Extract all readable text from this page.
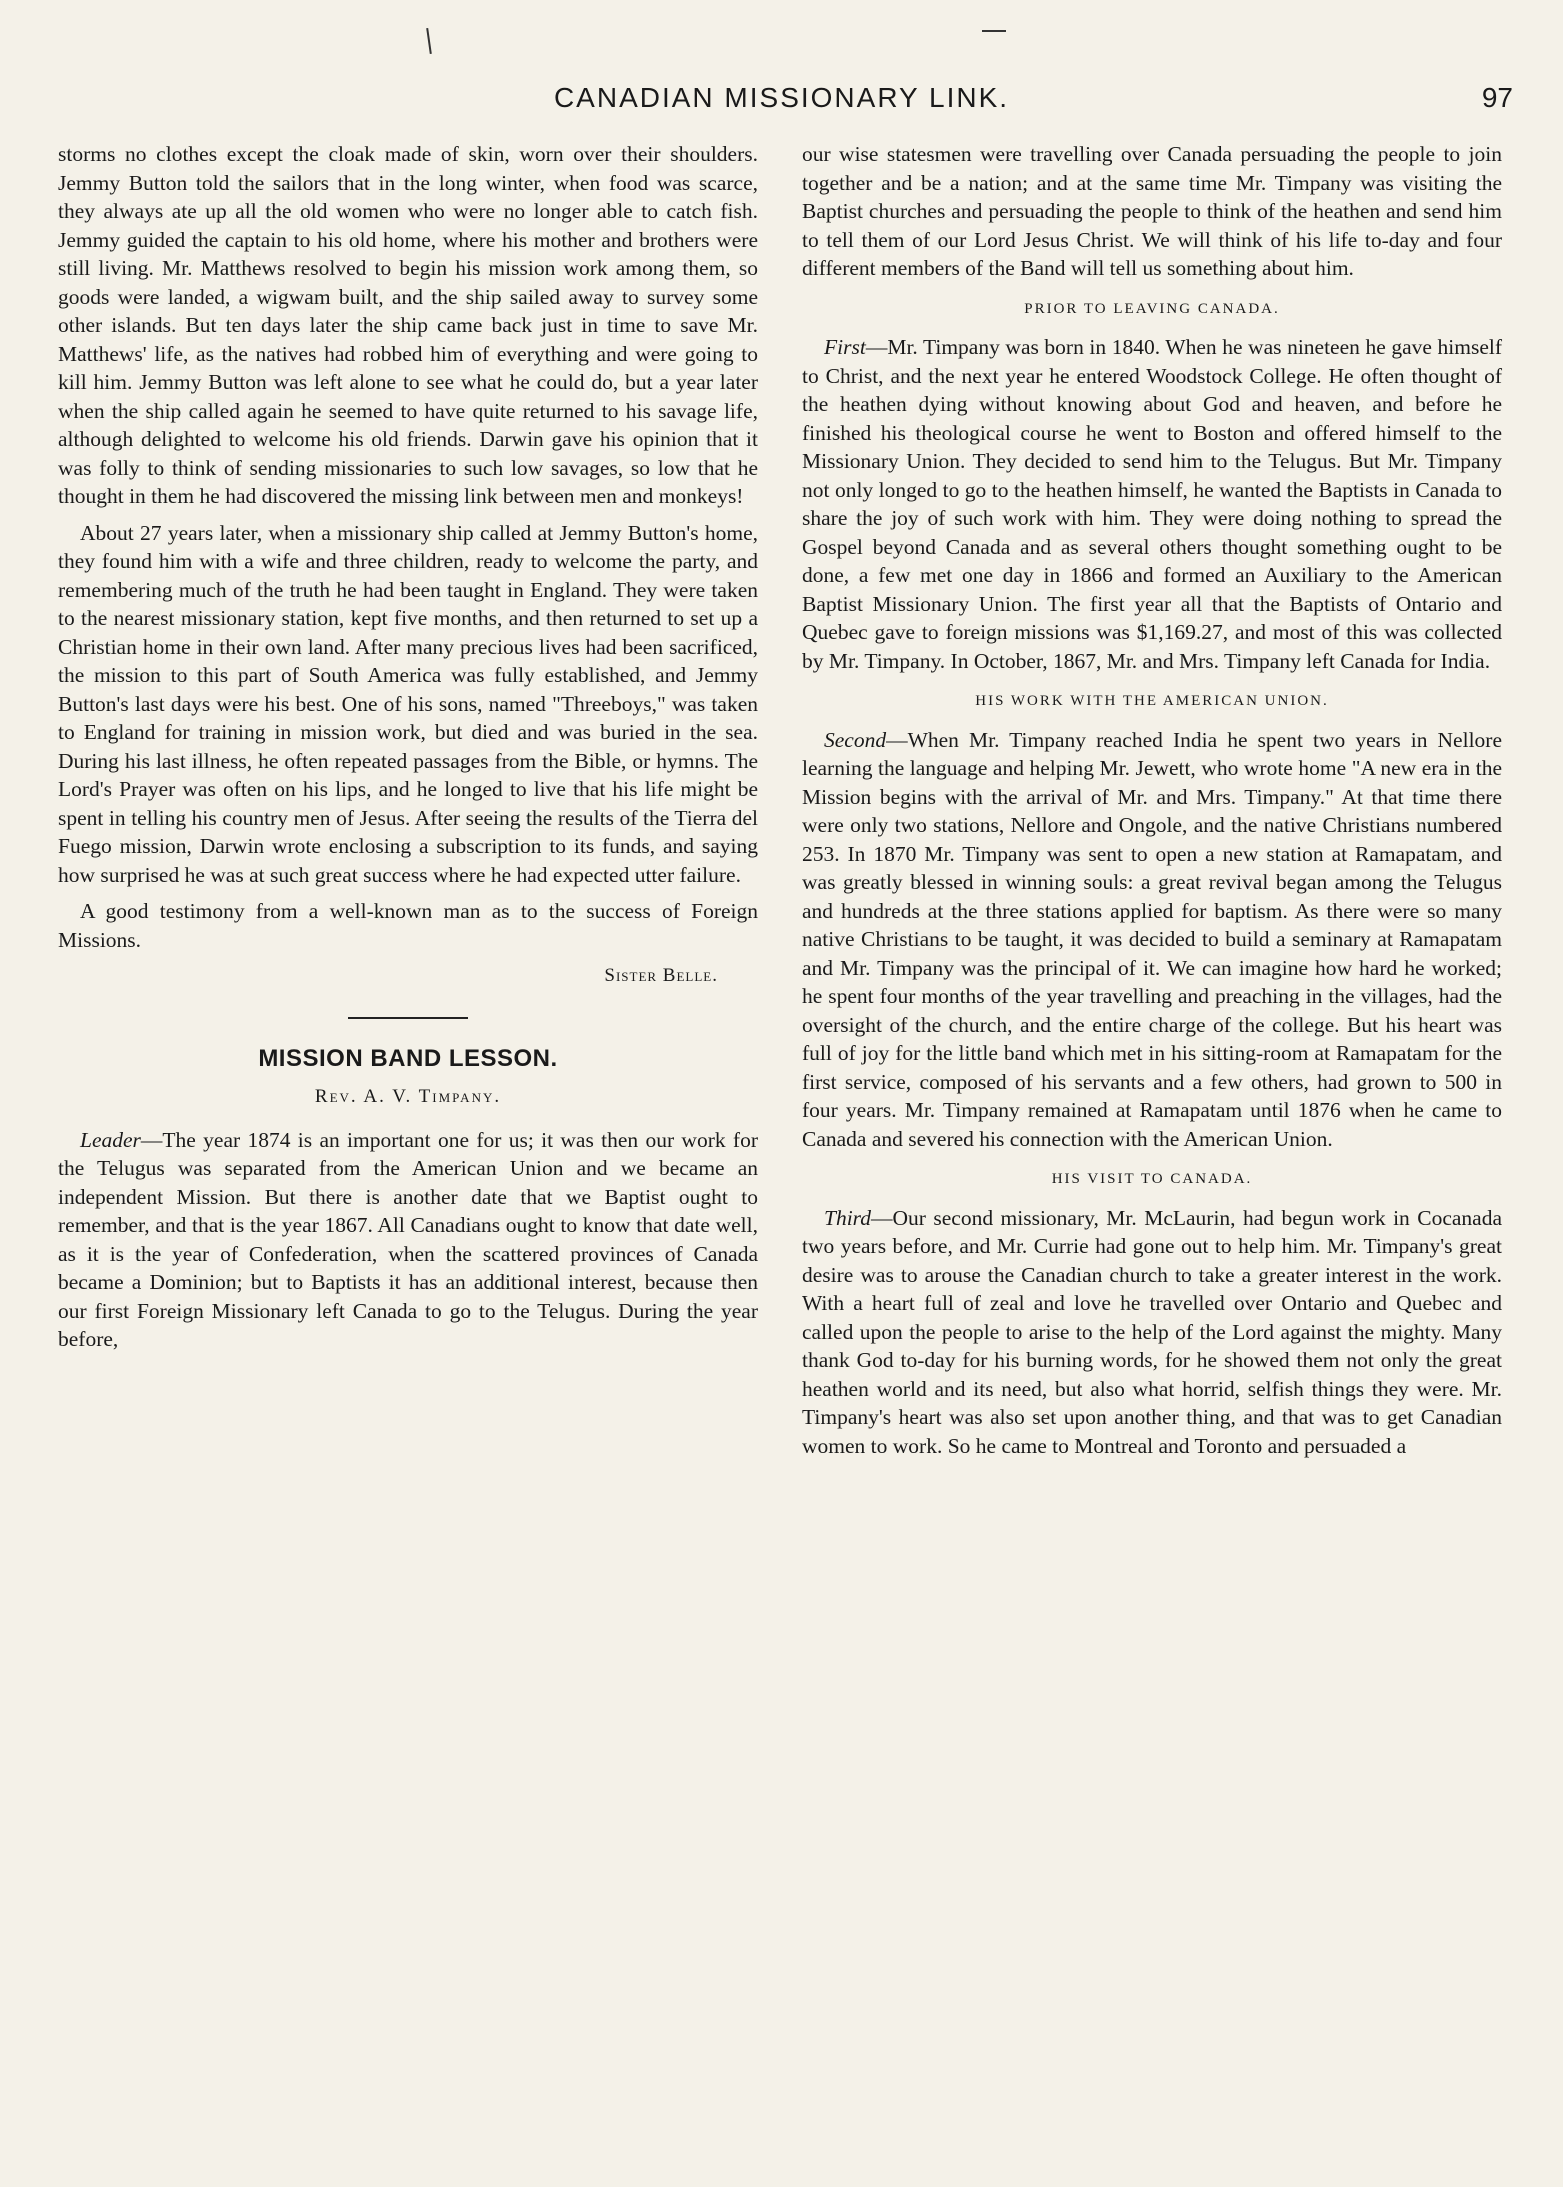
CANADIAN MISSIONARY LINK.	97

storms no clothes except the cloak made of skin, worn over their shoulders. Jemmy Button told the sailors that in the long winter, when food was scarce, they always ate up all the old women who were no longer able to catch fish. Jemmy guided the captain to his old home, where his mother and brothers were still living. Mr. Matthews resolved to begin his mission work among them, so goods were landed, a wigwam built, and the ship sailed away to survey some other islands. But ten days later the ship came back just in time to save Mr. Matthews' life, as the natives had robbed him of everything and were going to kill him. Jemmy Button was left alone to see what he could do, but a year later when the ship called again he seemed to have quite returned to his savage life, although delighted to welcome his old friends. Darwin gave his opinion that it was folly to think of sending missionaries to such low savages, so low that he thought in them he had discovered the missing link between men and monkeys!

About 27 years later, when a missionary ship called at Jemmy Button's home, they found him with a wife and three children, ready to welcome the party, and remembering much of the truth he had been taught in England. They were taken to the nearest missionary station, kept five months, and then returned to set up a Christian home in their own land. After many precious lives had been sacrificed, the mission to this part of South America was fully established, and Jemmy Button's last days were his best. One of his sons, named "Threeboys," was taken to England for training in mission work, but died and was buried in the sea. During his last illness, he often repeated passages from the Bible, or hymns. The Lord's Prayer was often on his lips, and he longed to live that his life might be spent in telling his country men of Jesus. After seeing the results of the Tierra del Fuego mission, Darwin wrote enclosing a subscription to its funds, and saying how surprised he was at such great success where he had expected utter failure.

A good testimony from a well-known man as to the success of Foreign Missions.

Sister Belle.
MISSION BAND LESSON.
Rev. A. V. Timpany.

Leader—The year 1874 is an important one for us; it was then our work for the Telugus was separated from the American Union and we became an independent Mission. But there is another date that we Baptist ought to remember, and that is the year 1867. All Canadians ought to know that date well, as it is the year of Confederation, when the scattered provinces of Canada became a Dominion; but to Baptists it has an additional interest, because then our first Foreign Missionary left Canada to go to the Telugus. During the year before,

our wise statesmen were travelling over Canada persuading the people to join together and be a nation; and at the same time Mr. Timpany was visiting the Baptist churches and persuading the people to think of the heathen and send him to tell them of our Lord Jesus Christ. We will think of his life to-day and four different members of the Band will tell us something about him.

PRIOR TO LEAVING CANADA.

First—Mr. Timpany was born in 1840. When he was nineteen he gave himself to Christ, and the next year he entered Woodstock College. He often thought of the heathen dying without knowing about God and heaven, and before he finished his theological course he went to Boston and offered himself to the Missionary Union. They decided to send him to the Telugus. But Mr. Timpany not only longed to go to the heathen himself, he wanted the Baptists in Canada to share the joy of such work with him. They were doing nothing to spread the Gospel beyond Canada and as several others thought something ought to be done, a few met one day in 1866 and formed an Auxiliary to the American Baptist Missionary Union. The first year all that the Baptists of Ontario and Quebec gave to foreign missions was $1,169.27, and most of this was collected by Mr. Timpany. In October, 1867, Mr. and Mrs. Timpany left Canada for India.

HIS WORK WITH THE AMERICAN UNION.

Second—When Mr. Timpany reached India he spent two years in Nellore learning the language and helping Mr. Jewett, who wrote home "A new era in the Mission begins with the arrival of Mr. and Mrs. Timpany." At that time there were only two stations, Nellore and Ongole, and the native Christians numbered 253. In 1870 Mr. Timpany was sent to open a new station at Ramapatam, and was greatly blessed in winning souls: a great revival began among the Telugus and hundreds at the three stations applied for baptism. As there were so many native Christians to be taught, it was decided to build a seminary at Ramapatam and Mr. Timpany was the principal of it. We can imagine how hard he worked; he spent four months of the year travelling and preaching in the villages, had the oversight of the church, and the entire charge of the college. But his heart was full of joy for the little band which met in his sitting-room at Ramapatam for the first service, composed of his servants and a few others, had grown to 500 in four years. Mr. Timpany remained at Ramapatam until 1876 when he came to Canada and severed his connection with the American Union.

HIS VISIT TO CANADA.

Third—Our second missionary, Mr. McLaurin, had begun work in Cocanada two years before, and Mr. Currie had gone out to help him. Mr. Timpany's great desire was to arouse the Canadian church to take a greater interest in the work. With a heart full of zeal and love he travelled over Ontario and Quebec and called upon the people to arise to the help of the Lord against the mighty. Many thank God to-day for his burning words, for he showed them not only the great heathen world and its need, but also what horrid, selfish things they were. Mr. Timpany's heart was also set upon another thing, and that was to get Canadian women to work. So he came to Montreal and Toronto and persuaded a
